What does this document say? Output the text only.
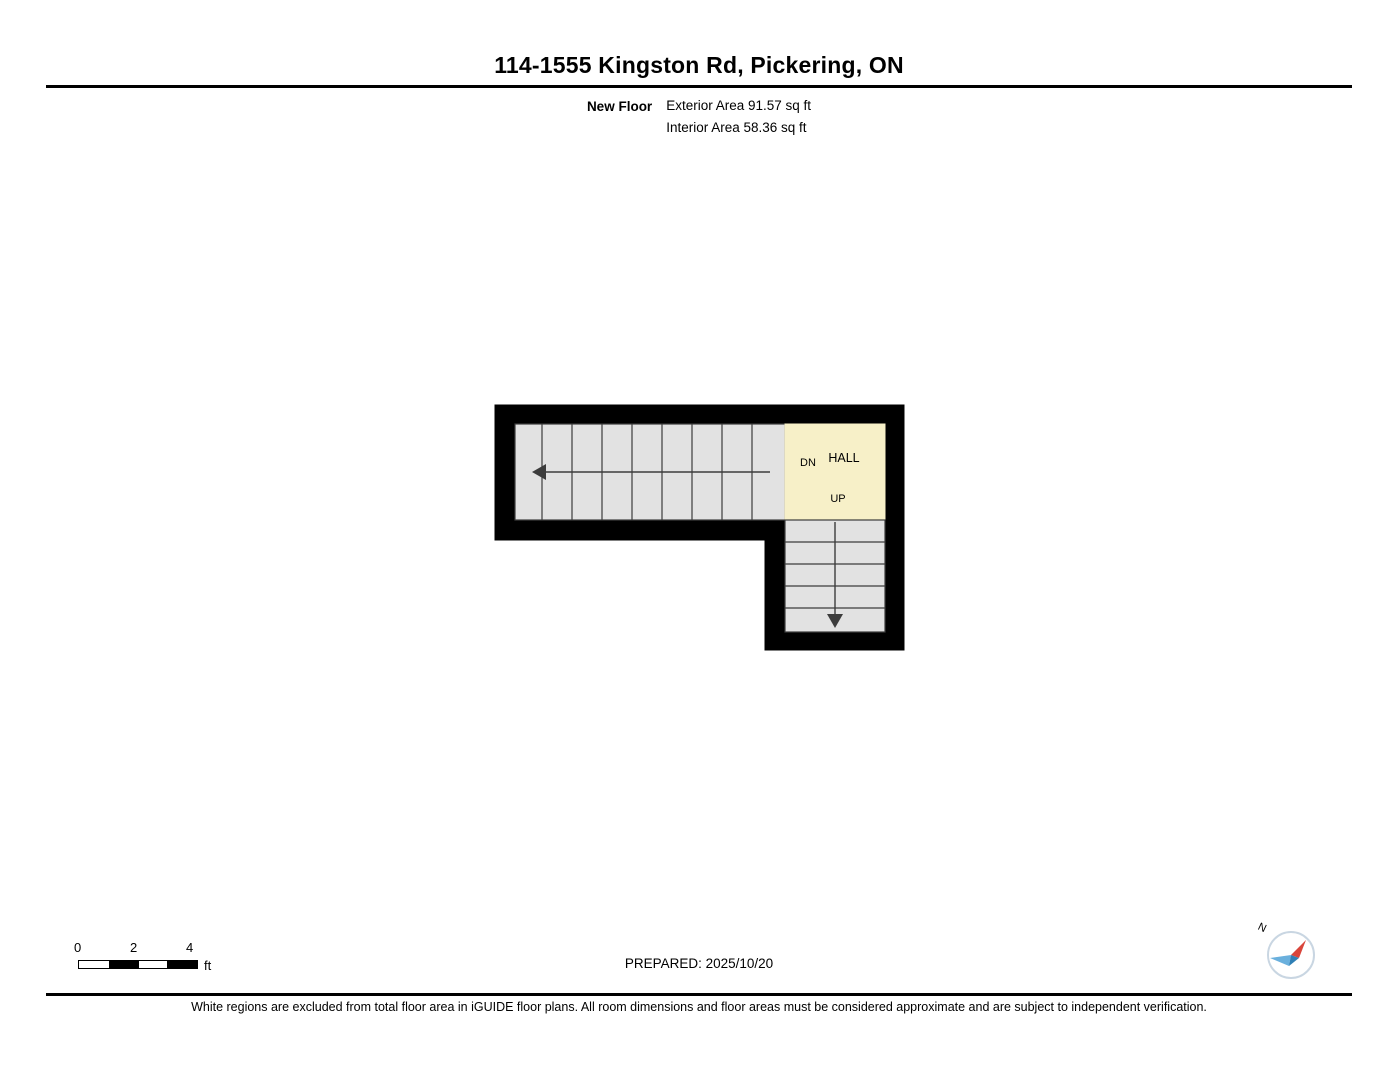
114-1555 Kingston Rd, Pickering, ON
New Floor Exterior Area 91.57 sq ft
Interior Area 58.36 sq ft
DN HALL
UP
0	2	4
ft	PREPARED: 2025/10/20
N
White regions are excluded from total floor area in iGUIDE floor plans. All room dimensions and floor areas must be considered approximate and are subject to independent verification.
